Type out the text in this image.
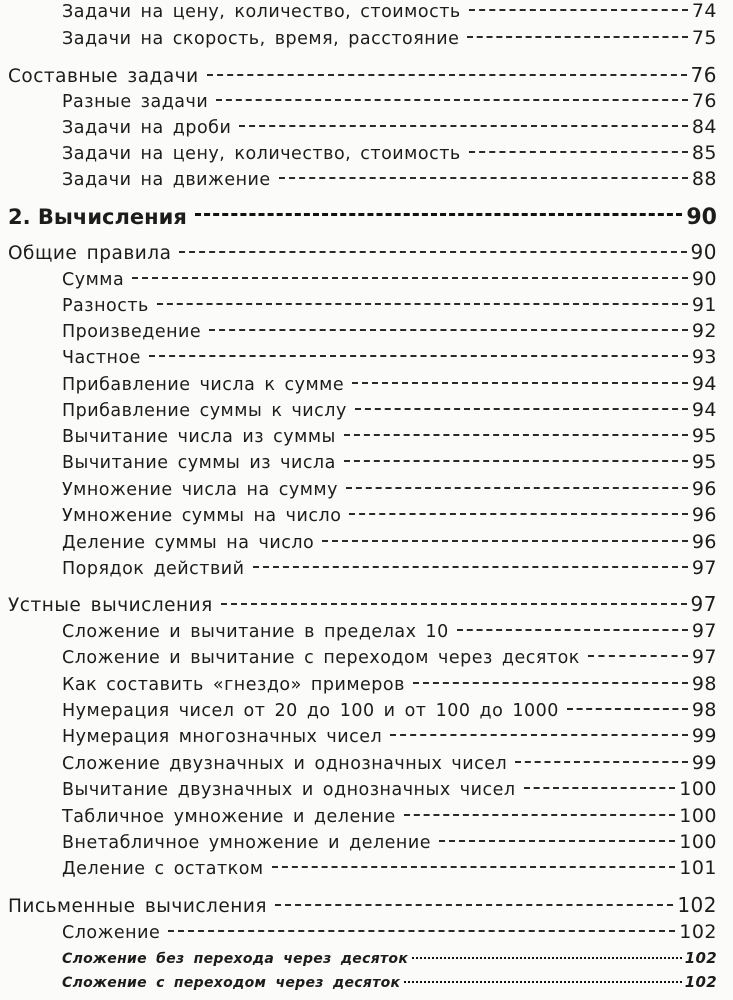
Задачи на цену, количество, стоимость	74
Задачи на скорость, время, расстояние	75
Составные задачи	76
Разные задачи	76
Задачи на дроби	84
Задачи на цену, количество, стоимость	85
Задачи на движение	88
2. Вычисления	90
Общие правила	90
Сумма	90
Разность	91
Произведение	92
Частное	93
Прибавление числа к сумме	94
Прибавление суммы к числу	94
Вычитание числа из суммы	95
Вычитание суммы из числа	95
Умножение числа на сумму	96
Умножение суммы на число	96
Деление суммы на число	96
Порядок действий	97
Устные вычисления	97
Сложение и вычитание в пределах 10	97
Сложение и вычитание с переходом через десяток	97
Как составить «гнездо» примеров	98
Нумерация чисел от 20 до 100 и от 100 до 1000	98
Нумерация многозначных чисел	99
Сложение двузначных и однозначных чисел	99
Вычитание двузначных и однозначных чисел	100
Табличное умножение и деление	100
Внетабличное умножение и деление	100
Деление с остатком	101
Письменные вычисления	102
Сложение	102
Сложение без перехода через десяток	102
Сложение с переходом через десяток	102
